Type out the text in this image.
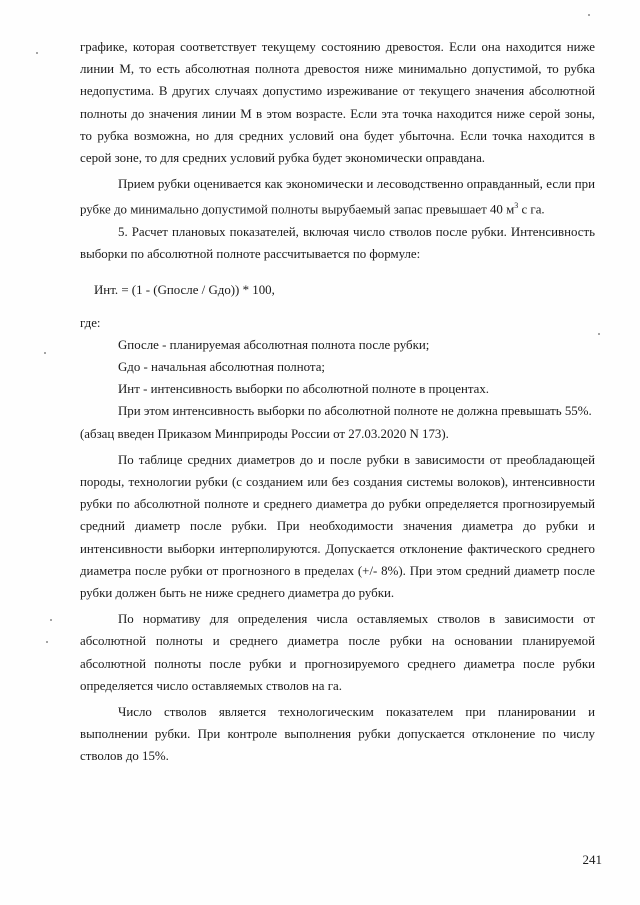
графике, которая соответствует текущему состоянию древостоя. Если она находится ниже линии М, то есть абсолютная полнота древостоя ниже минимально допустимой, то рубка недопустима. В других случаях допустимо изреживание от текущего значения абсолютной полноты до значения линии М в этом возрасте. Если эта точка находится ниже серой зоны, то рубка возможна, но для средних условий она будет убыточна. Если точка находится в серой зоне, то для средних условий рубка будет экономически оправдана.

Прием рубки оценивается как экономически и лесоводственно оправданный, если при рубке до минимально допустимой полноты вырубаемый запас превышает 40 $м^3$ с га.

5. Расчет плановых показателей, включая число стволов после рубки. Интенсивность выборки по абсолютной полноте рассчитывается по формуле:

Инт. = (1 - (Gпосле / Gдо)) * 100,

где:

Gпосле - планируемая абсолютная полнота после рубки;

Gдо - начальная абсолютная полнота;

Инт - интенсивность выборки по абсолютной полноте в процентах.

При этом интенсивность выборки по абсолютной полноте не должна превышать 55%.

(абзац введен Приказом Минприроды России от 27.03.2020 N 173).

По таблице средних диаметров до и после рубки в зависимости от преобладающей породы, технологии рубки (с созданием или без создания системы волоков), интенсивности рубки по абсолютной полноте и среднего диаметра до рубки определяется прогнозируемый средний диаметр после рубки. При необходимости значения диаметра до рубки и интенсивности выборки интерполируются. Допускается отклонение фактического среднего диаметра после рубки от прогнозного в пределах (+/- 8%). При этом средний диаметр после рубки должен быть не ниже среднего диаметра до рубки.

По нормативу для определения числа оставляемых стволов в зависимости от абсолютной полноты и среднего диаметра после рубки на основании планируемой абсолютной полноты после рубки и прогнозируемого среднего диаметра после рубки определяется число оставляемых стволов на га.

Число стволов является технологическим показателем при планировании и выполнении рубки. При контроле выполнения рубки допускается отклонение по числу стволов до 15%.

241
